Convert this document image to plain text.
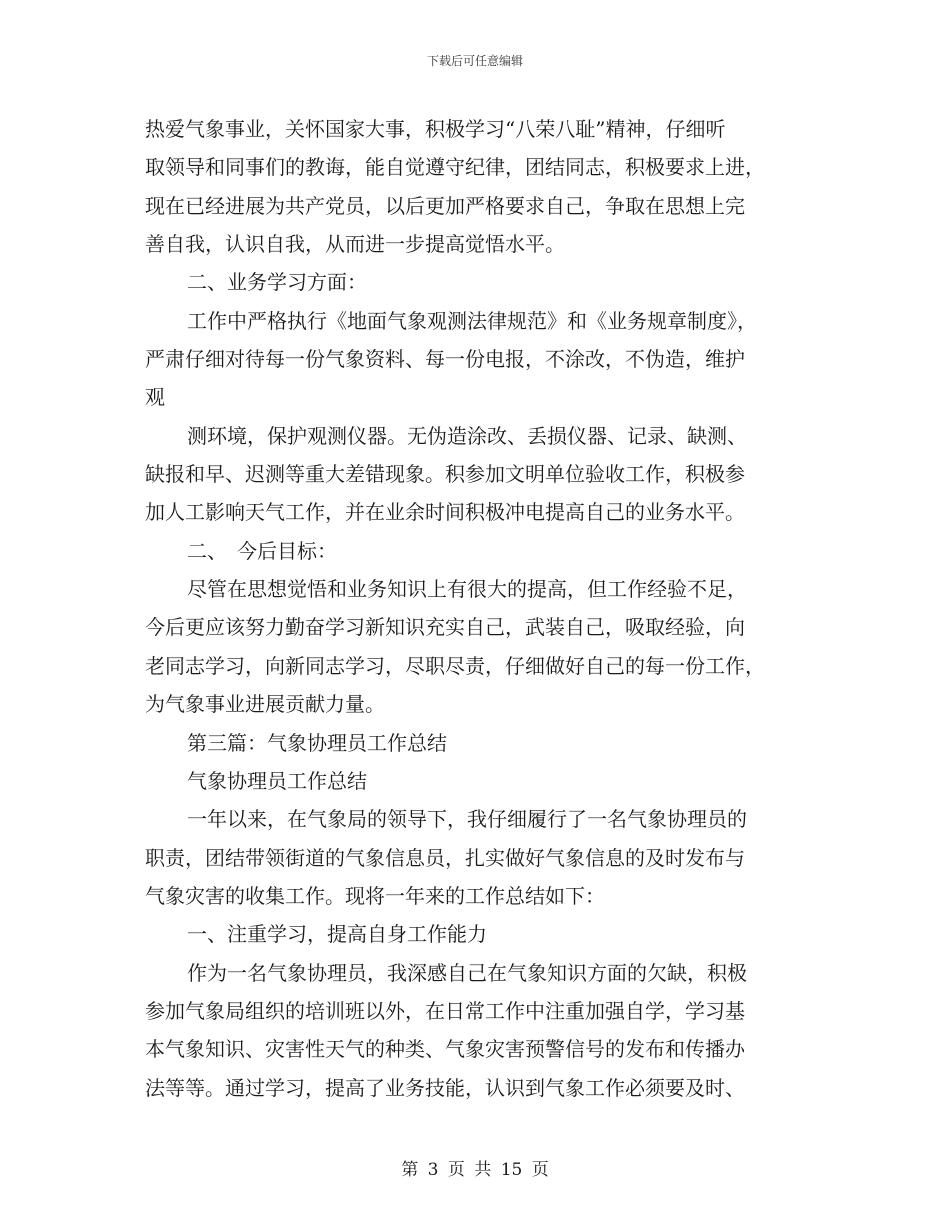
下载后可任意编辑
热爱气象事业，关怀国家大事，积极学习“八荣八耻”精神，仔细听
取领导和同事们的教诲，能自觉遵守纪律，团结同志，积极要求上进，
现在已经进展为共产党员，以后更加严格要求自己，争取在思想上完
善自我，认识自我，从而进一步提高觉悟水平。
二、业务学习方面：
工作中严格执行《地面气象观测法律规范》和《业务规章制度》，
严肃仔细对待每一份气象资料、每一份电报，不涂改，不伪造，维护
观
测环境，保护观测仪器。无伪造涂改、丢损仪器、记录、缺测、
缺报和早、迟测等重大差错现象。积参加文明单位验收工作，积极参
加人工影响天气工作，并在业余时间积极冲电提高自己的业务水平。
二、　今后目标：
尽管在思想觉悟和业务知识上有很大的提高，但工作经验不足，
今后更应该努力勤奋学习新知识充实自己，武装自己，吸取经验，向
老同志学习，向新同志学习，尽职尽责，仔细做好自己的每一份工作，
为气象事业进展贡献力量。
第三篇：气象协理员工作总结
气象协理员工作总结
一年以来，在气象局的领导下，我仔细履行了一名气象协理员的
职责，团结带领街道的气象信息员，扎实做好气象信息的及时发布与
气象灾害的收集工作。现将一年来的工作总结如下：
一、注重学习，提高自身工作能力
作为一名气象协理员，我深感自己在气象知识方面的欠缺，积极
参加气象局组织的培训班以外，在日常工作中注重加强自学，学习基
本气象知识、灾害性天气的种类、气象灾害预警信号的发布和传播办
法等等。通过学习，提高了业务技能，认识到气象工作必须要及时、
第 3 页 共 15 页
